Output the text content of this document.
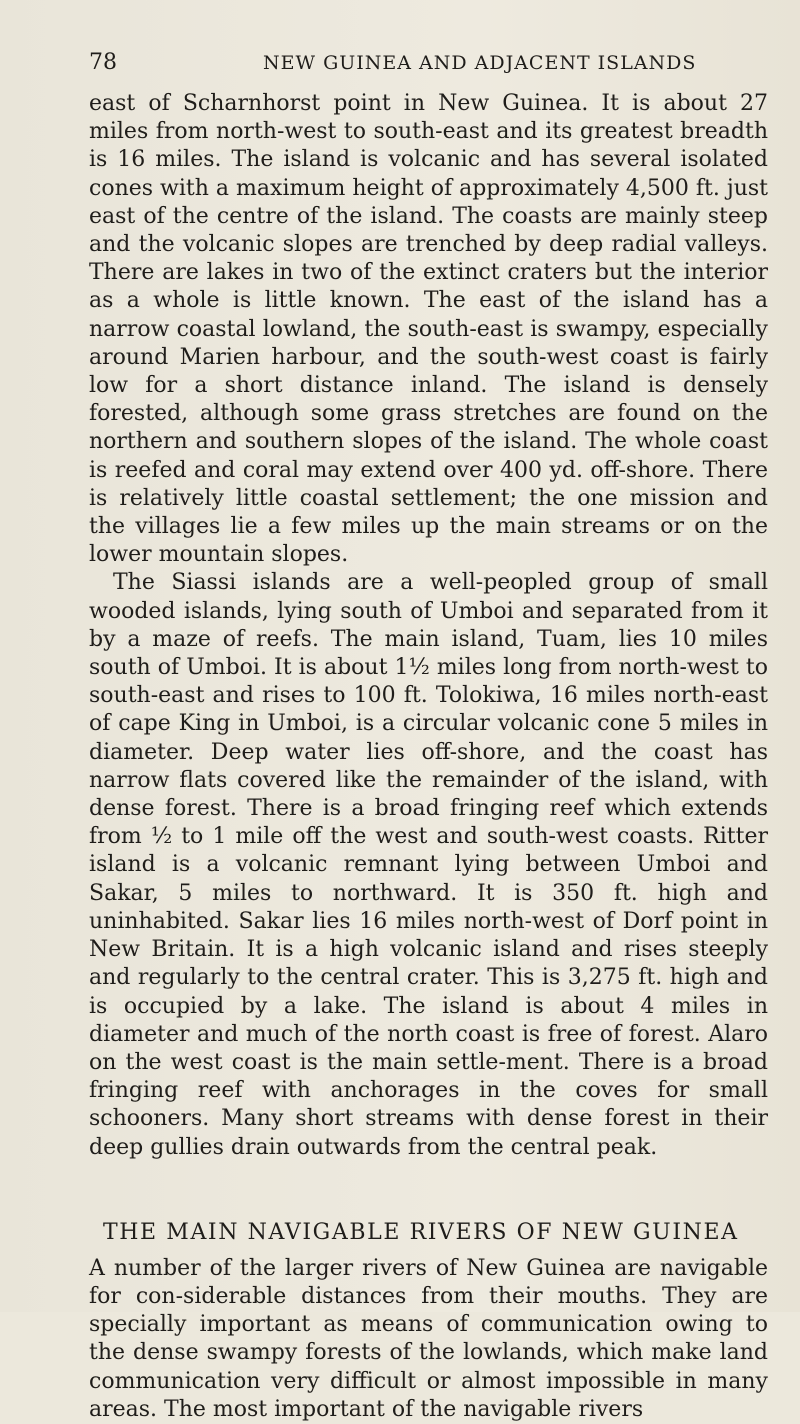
78	NEW GUINEA AND ADJACENT ISLANDS

east of Scharnhorst point in New Guinea. It is about 27 miles from north-west to south-east and its greatest breadth is 16 miles. The island is volcanic and has several isolated cones with a maximum height of approximately 4,500 ft. just east of the centre of the island. The coasts are mainly steep and the volcanic slopes are trenched by deep radial valleys. There are lakes in two of the extinct craters but the interior as a whole is little known. The east of the island has a narrow coastal lowland, the south-east is swampy, especially around Marien harbour, and the south-west coast is fairly low for a short distance inland. The island is densely forested, although some grass stretches are found on the northern and southern slopes of the island. The whole coast is reefed and coral may extend over 400 yd. off-shore. There is relatively little coastal settlement; the one mission and the villages lie a few miles up the main streams or on the lower mountain slopes.

The Siassi islands are a well-peopled group of small wooded islands, lying south of Umboi and separated from it by a maze of reefs. The main island, Tuam, lies 10 miles south of Umboi. It is about 1½ miles long from north-west to south-east and rises to 100 ft. Tolokiwa, 16 miles north-east of cape King in Umboi, is a circular volcanic cone 5 miles in diameter. Deep water lies off-shore, and the coast has narrow flats covered like the remainder of the island, with dense forest. There is a broad fringing reef which extends from ½ to 1 mile off the west and south-west coasts. Ritter island is a volcanic remnant lying between Umboi and Sakar, 5 miles to northward. It is 350 ft. high and uninhabited. Sakar lies 16 miles north-west of Dorf point in New Britain. It is a high volcanic island and rises steeply and regularly to the central crater. This is 3,275 ft. high and is occupied by a lake. The island is about 4 miles in diameter and much of the north coast is free of forest. Alaro on the west coast is the main settle-ment. There is a broad fringing reef with anchorages in the coves for small schooners. Many short streams with dense forest in their deep gullies drain outwards from the central peak.

THE MAIN NAVIGABLE RIVERS OF NEW GUINEA

A number of the larger rivers of New Guinea are navigable for con-siderable distances from their mouths. They are specially important as means of communication owing to the dense swampy forests of the lowlands, which make land communication very difficult or almost impossible in many areas. The most important of the navigable rivers
